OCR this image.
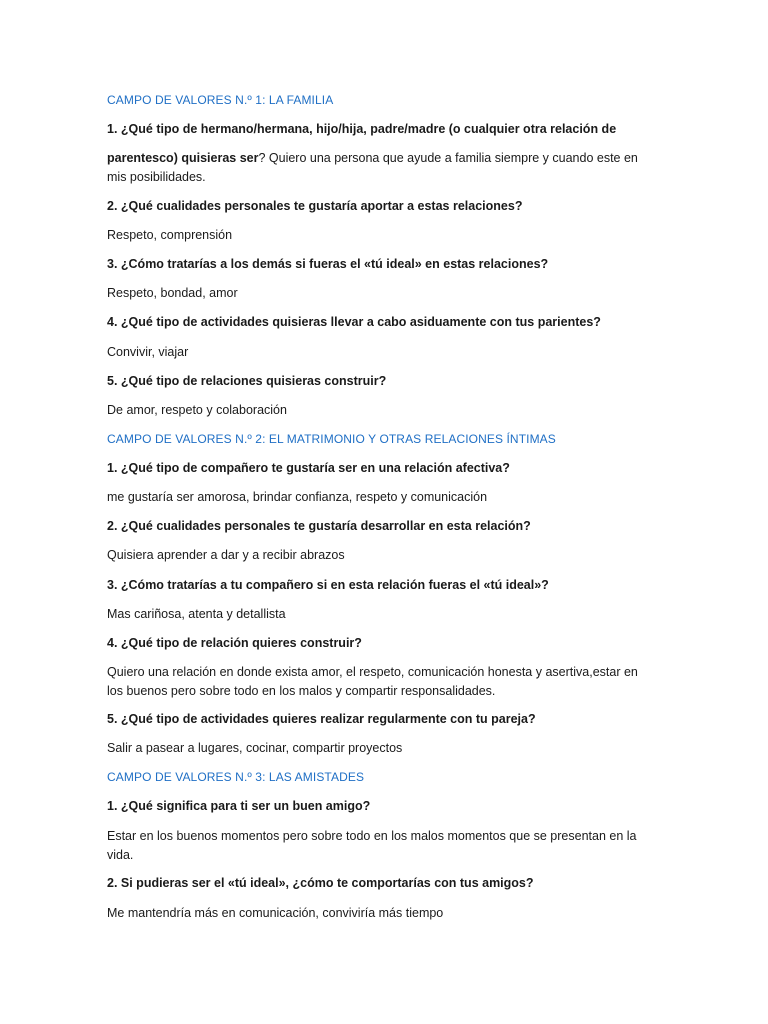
CAMPO DE VALORES N.º 1: LA FAMILIA
1. ¿Qué tipo de hermano/hermana, hijo/hija, padre/madre (o cualquier otra relación de
parentesco) quisieras ser? Quiero una persona que ayude a familia siempre y cuando este en mis posibilidades.
2. ¿Qué cualidades personales te gustaría aportar a estas relaciones?
Respeto, comprensión
3. ¿Cómo tratarías a los demás si fueras el «tú ideal» en estas relaciones?
Respeto, bondad, amor
4. ¿Qué tipo de actividades quisieras llevar a cabo asiduamente con tus parientes?
Convivir, viajar
5. ¿Qué tipo de relaciones quisieras construir?
De amor, respeto y colaboración
CAMPO DE VALORES N.º 2: EL MATRIMONIO Y OTRAS RELACIONES ÍNTIMAS
1. ¿Qué tipo de compañero te gustaría ser en una relación afectiva?
me gustaría ser amorosa, brindar confianza, respeto y comunicación
2. ¿Qué cualidades personales te gustaría desarrollar en esta relación?
Quisiera aprender a dar y a recibir abrazos
3. ¿Cómo tratarías a tu compañero si en esta relación fueras el «tú ideal»?
Mas cariñosa, atenta y detallista
4. ¿Qué tipo de relación quieres construir?
Quiero una relación en donde exista amor, el respeto, comunicación honesta y asertiva,estar en los buenos pero sobre todo en los malos y compartir responsalidades.
5. ¿Qué tipo de actividades quieres realizar regularmente con tu pareja?
Salir a pasear a lugares, cocinar, compartir proyectos
CAMPO DE VALORES N.º 3: LAS AMISTADES
1. ¿Qué significa para ti ser un buen amigo?
Estar en los buenos momentos pero sobre todo en los malos momentos que se presentan en la vida.
2. Si pudieras ser el «tú ideal», ¿cómo te comportarías con tus amigos?
Me mantendría más en comunicación, conviviría más tiempo
